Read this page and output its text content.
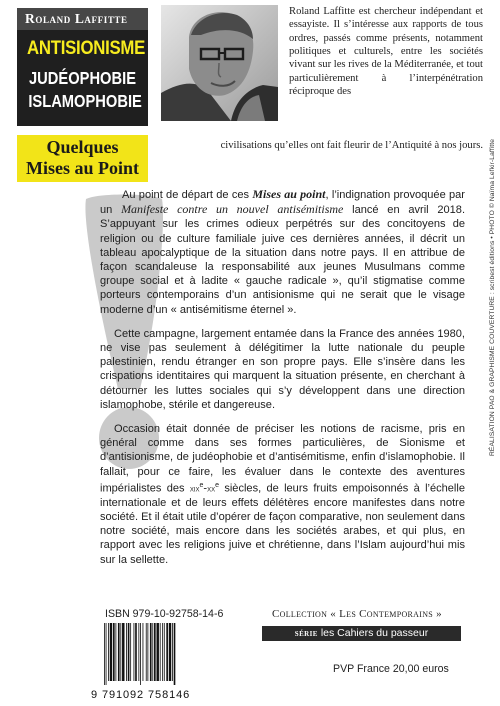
Roland Laffitte
ANTISIONISME
JUDÉOPHOBIE
ISLAMOPHOBIE
Quelques
Mises au Point
Roland Laffitte est chercheur indépendant et essayiste. Il s’intéresse aux rapports de tous ordres, passés comme présents, notamment politiques et culturels, entre les sociétés vivant sur les rives de la Méditerranée, et tout particulièrement à l’interpénétration réciproque des
civilisations qu’elles ont fait fleurir de l’Antiquité à nos jours.

Au point de départ de ces Mises au point, l’indignation provoquée par un Manifeste contre un nouvel antisémitisme lancé en avril 2018. S’appuyant sur les crimes odieux perpétrés sur des concitoyens de religion ou de culture familiale juive ces dernières années, il décrit un tableau apocalyptique de la situation dans notre pays. Il en attribue de façon scandaleuse la responsabilité aux jeunes Musulmans comme groupe social et à ladite « gauche radicale », qu’il stigmatise comme porteurs contemporains d’un antisionisme qui ne serait que le visage moderne d’un « antisémitisme éternel ».

Cette campagne, largement entamée dans la France des années 1980, ne vise pas seulement à délégitimer la lutte nationale du peuple palestinien, rendu étranger en son propre pays. Elle s’insère dans les crispations identitaires qui marquent la situation présente, en cherchant à détourner les luttes sociales qui s’y développent dans une direction islamophobe, stérile et dangereuse.

Occasion était donnée de préciser les notions de racisme, pris en général comme dans ses formes particulières, de Sionisme et d’antisionisme, de judéophobie et d’antisémitisme, enfin d’islamophobie. Il fallait, pour ce faire, les évaluer dans le contexte des aventures impérialistes des $xix^e-xx^e$ siècles, de leurs fruits empoisonnés à l’échelle internationale et de leurs effets délétères encore manifestes dans notre société. Et il était utile d’opérer de façon comparative, non seulement dans notre société, mais encore dans les sociétés arabes, et qui plus, en rapport avec les religions juive et chrétienne, dans l’Islam aujourd’hui mis sur la sellette.

RÉALISATION PAO & GRAPHISME COUVERTURE : scribest éditions • PHOTO © Naïma Lefkir-Laffitte
ISBN 979-10-92758-14-6	Collection « Les Contemporains »
série les Cahiers du passeur
9 791092 758146
PVP France 20,00 euros
